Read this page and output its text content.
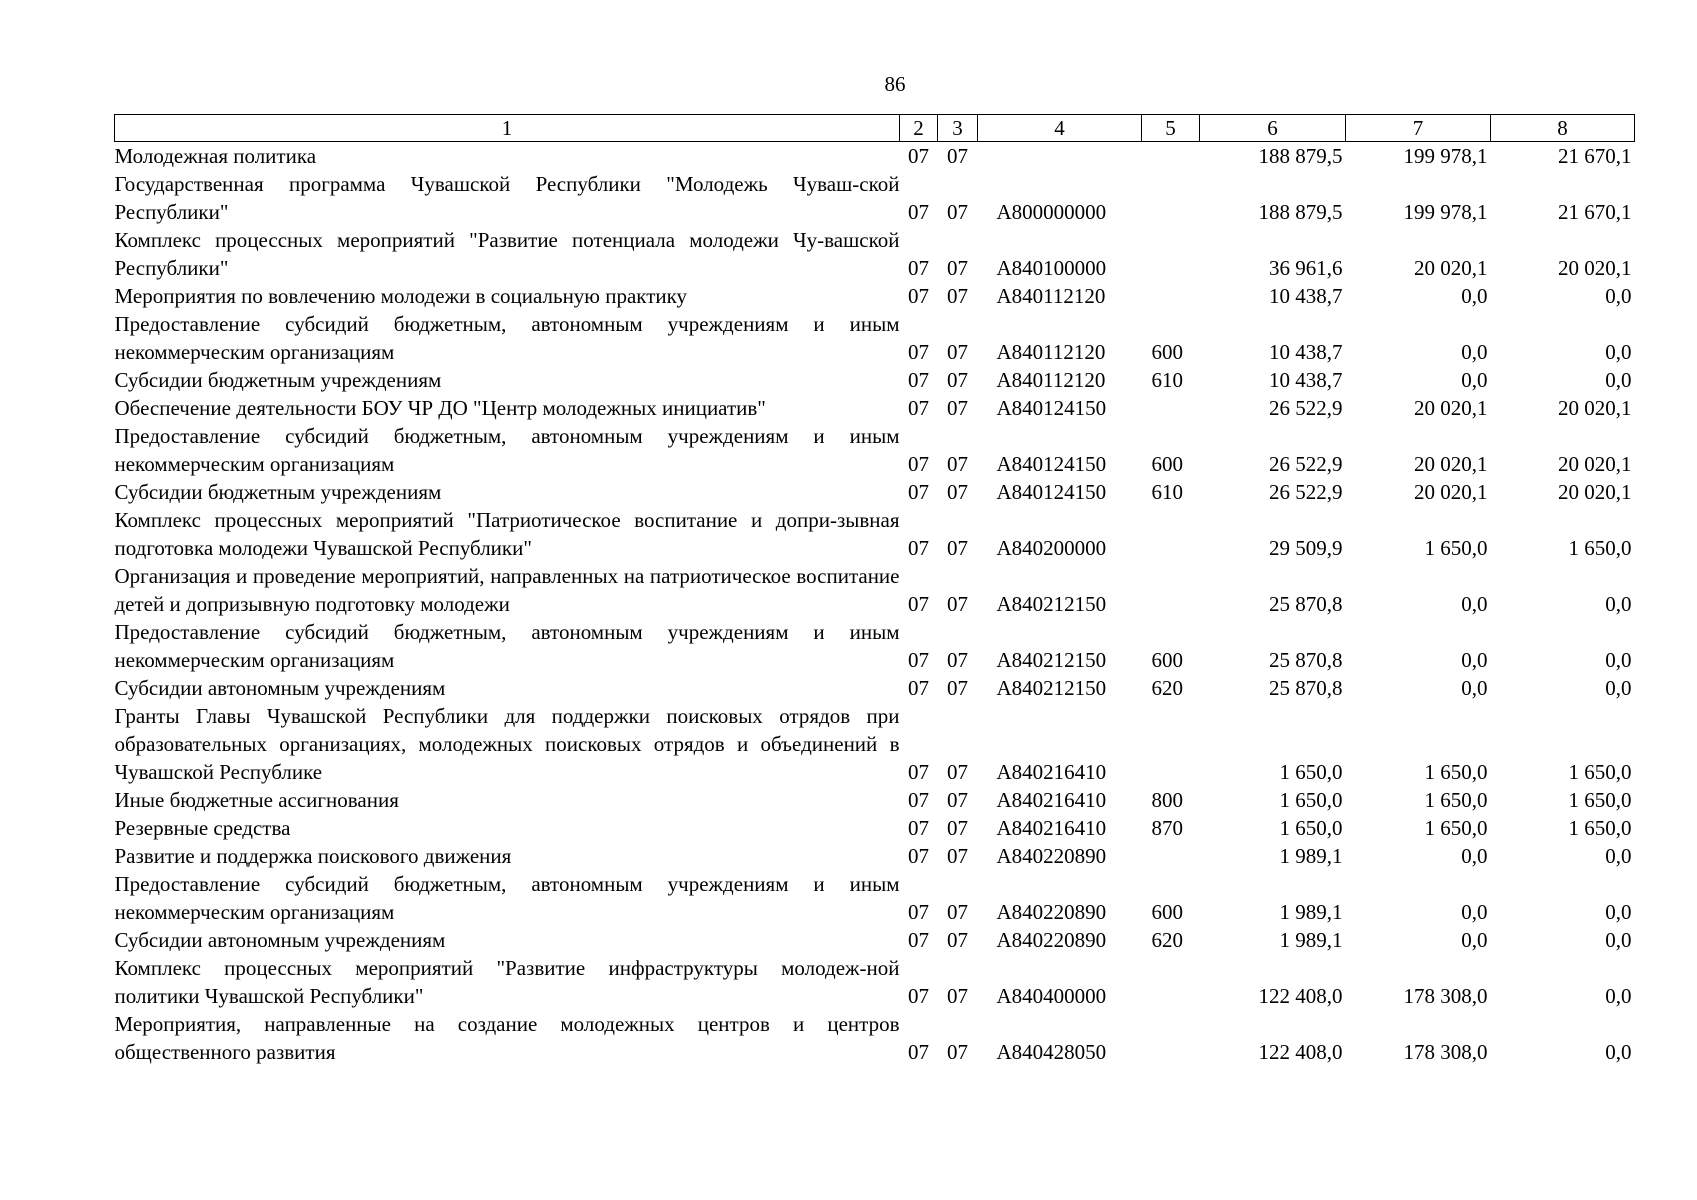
86
1	2	3	4	5	6	7	8
Молодежная политика	07	07			188 879,5	199 978,1	21 670,1
Государственная программа Чувашской Республики "Молодежь Чуваш-ской Республики"	07	07	A800000000		188 879,5	199 978,1	21 670,1
Комплекс процессных мероприятий "Развитие потенциала молодежи Чу-вашской Республики"	07	07	A840100000		36 961,6	20 020,1	20 020,1
Мероприятия по вовлечению молодежи в социальную практику	07	07	A840112120		10 438,7	0,0	0,0
Предоставление субсидий бюджетным, автономным учреждениям и иным некоммерческим организациям	07	07	A840112120	600	10 438,7	0,0	0,0
Субсидии бюджетным учреждениям	07	07	A840112120	610	10 438,7	0,0	0,0
Обеспечение деятельности БОУ ЧР ДО "Центр молодежных инициатив"	07	07	A840124150		26 522,9	20 020,1	20 020,1
Предоставление субсидий бюджетным, автономным учреждениям и иным некоммерческим организациям	07	07	A840124150	600	26 522,9	20 020,1	20 020,1
Субсидии бюджетным учреждениям	07	07	A840124150	610	26 522,9	20 020,1	20 020,1
Комплекс процессных мероприятий "Патриотическое воспитание и допри-зывная подготовка молодежи Чувашской Республики"	07	07	A840200000		29 509,9	1 650,0	1 650,0
Организация и проведение мероприятий, направленных на патриотическое воспитание детей и допризывную подготовку молодежи	07	07	A840212150		25 870,8	0,0	0,0
Предоставление субсидий бюджетным, автономным учреждениям и иным некоммерческим организациям	07	07	A840212150	600	25 870,8	0,0	0,0
Субсидии автономным учреждениям	07	07	A840212150	620	25 870,8	0,0	0,0
Гранты Главы Чувашской Республики для поддержки поисковых отрядов при образовательных организациях, молодежных поисковых отрядов и объединений в Чувашской Республике	07	07	A840216410		1 650,0	1 650,0	1 650,0
Иные бюджетные ассигнования	07	07	A840216410	800	1 650,0	1 650,0	1 650,0
Резервные средства	07	07	A840216410	870	1 650,0	1 650,0	1 650,0
Развитие и поддержка поискового движения	07	07	A840220890		1 989,1	0,0	0,0
Предоставление субсидий бюджетным, автономным учреждениям и иным некоммерческим организациям	07	07	A840220890	600	1 989,1	0,0	0,0
Субсидии автономным учреждениям	07	07	A840220890	620	1 989,1	0,0	0,0
Комплекс процессных мероприятий "Развитие инфраструктуры молодеж-ной политики Чувашской Республики"	07	07	A840400000		122 408,0	178 308,0	0,0
Мероприятия, направленные на создание молодежных центров и центров общественного развития	07	07	A840428050		122 408,0	178 308,0	0,0
